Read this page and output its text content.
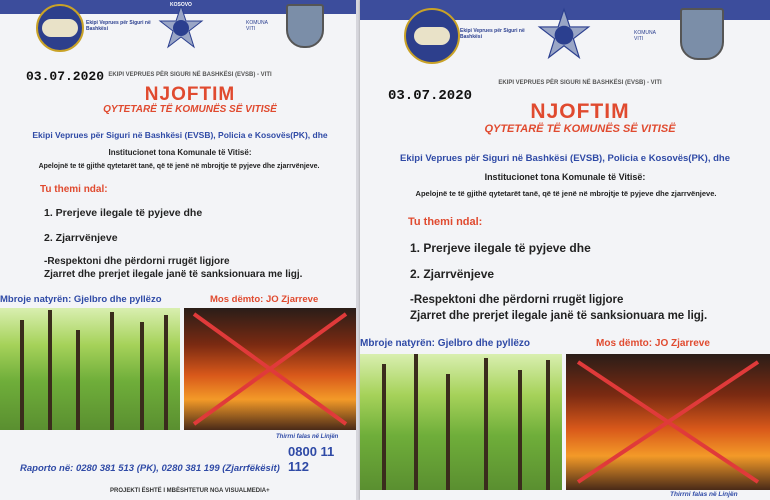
Ekipi Veprues për Siguri në Bashkësi
KOSOVO
KOMUNA VITI
EKIPI VEPRUES PËR SIGURI NË BASHKËSI (EVSB) - VITI
03.07.2020
NJOFTIM
QYTETARË TË KOMUNËS SË VITISË
Ekipi Veprues për Siguri në Bashkësi (EVSB), Policia e Kosovës(PK), dhe
Institucionet tona Komunale të Vitisë:
Apelojnë te të gjithë qytetarët tanë, që të jenë në mbrojtje të pyjeve dhe zjarrvënjeve.
Tu themi ndal:
1. Prerjeve ilegale të pyjeve dhe
2. Zjarrvënjeve
-Respektoni dhe përdorni rrugët ligjore
Zjarret dhe prerjet ilegale janë të sanksionuara me ligj.
Mbroje natyrën: Gjelbro dhe pyllëzo	Mos dëmto: JO Zjarreve
Thirrni falas në Linjën
0800 11 112
Raporto në: 0280 381 513 (PK), 0280 381 199 (Zjarrfëkësit)
PROJEKTI ËSHTË I MBËSHTETUR NGA VISUALMEDIA+
Ekipi Veprues për Siguri në Bashkësi
KOMUNA VITI
EKIPI VEPRUES PËR SIGURI NË BASHKËSI (EVSB) - VITI
03.07.2020
NJOFTIM
QYTETARË TË KOMUNËS SË VITISË
Ekipi Veprues për Siguri në Bashkësi (EVSB), Policia e Kosovës(PK), dhe
Institucionet tona Komunale të Vitisë:
Apelojnë te të gjithë qytetarët tanë, që të jenë në mbrojtje të pyjeve dhe zjarrvënjeve.
Tu themi ndal:
1. Prerjeve ilegale të pyjeve dhe
2. Zjarrvënjeve
-Respektoni dhe përdorni rrugët ligjore
Zjarret dhe prerjet ilegale janë të sanksionuara me ligj.
Mbroje natyrën: Gjelbro dhe pyllëzo	Mos dëmto: JO Zjarreve
Thirrni falas në Linjën
